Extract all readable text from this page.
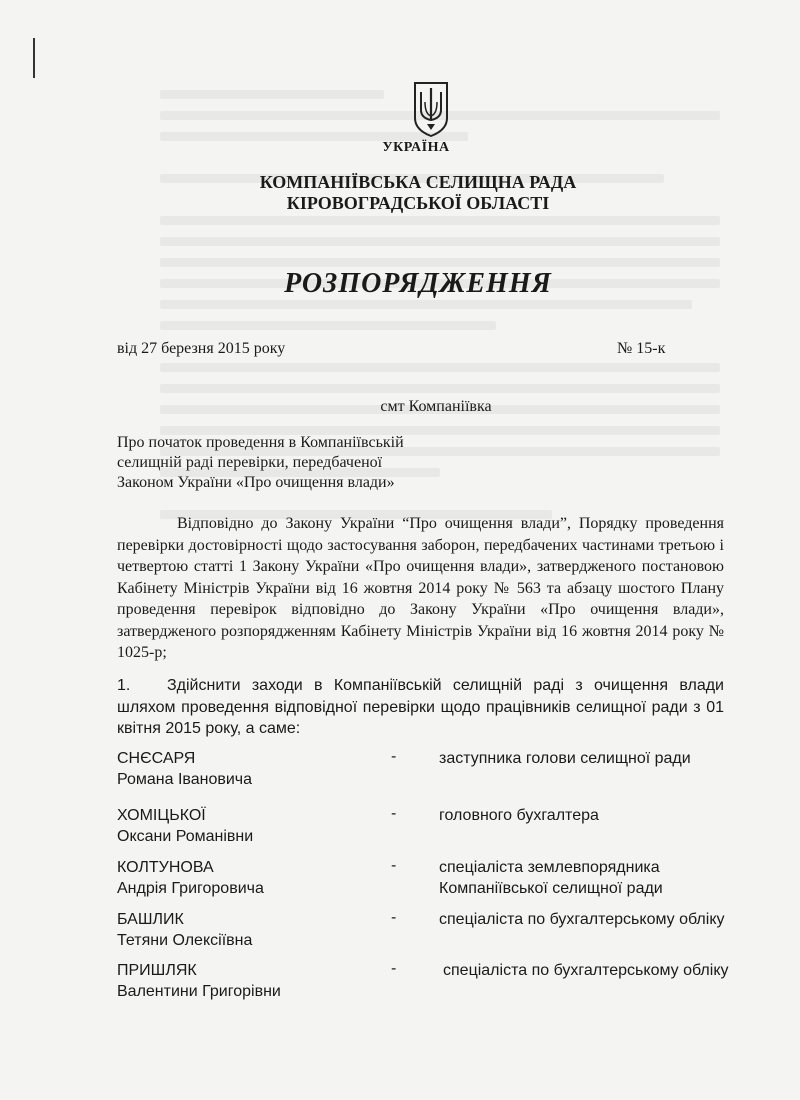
УКРАЇНА
КОМПАНІЇВСЬКА СЕЛИЩНА РАДА
КІРОВОГРАДСЬКОЇ ОБЛАСТІ
РОЗПОРЯДЖЕННЯ
від 27 березня 2015 року	№ 15-к
смт Компаніївка
Про початок проведення в Компаніївській
селищній раді перевірки, передбаченої
Законом України «Про очищення влади»
Відповідно до Закону України “Про очищення влади”, Порядку проведення перевірки достовірності щодо застосування заборон, передбачених частинами третьою і четвертою статті 1 Закону України «Про очищення влади», затвердженого постановою Кабінету Міністрів України від 16 жовтня 2014 року № 563 та абзацу шостого Плану проведення перевірок відповідно до Закону України «Про очищення влади», затвердженого розпорядженням Кабінету Міністрів України від 16 жовтня 2014 року № 1025-р;
1. Здійснити заходи в Компаніївській селищній раді з очищення влади шляхом проведення відповідної перевірки щодо працівників селищної ради з 01 квітня 2015 року, а саме:
СНЄСАРЯ
Романа Івановича
-	заступника голови селищної ради
ХОМІЦЬКОЇ
Оксани Романівни
-	головного бухгалтера
КОЛТУНОВА
Андрія Григоровича
-	спеціаліста землевпорядника
Компаніївської селищної ради
БАШЛИК
Тетяни Олексіївна
-	спеціаліста по бухгалтерському обліку
ПРИШЛЯК
Валентини Григорівни
-	спеціаліста по бухгалтерському обліку
